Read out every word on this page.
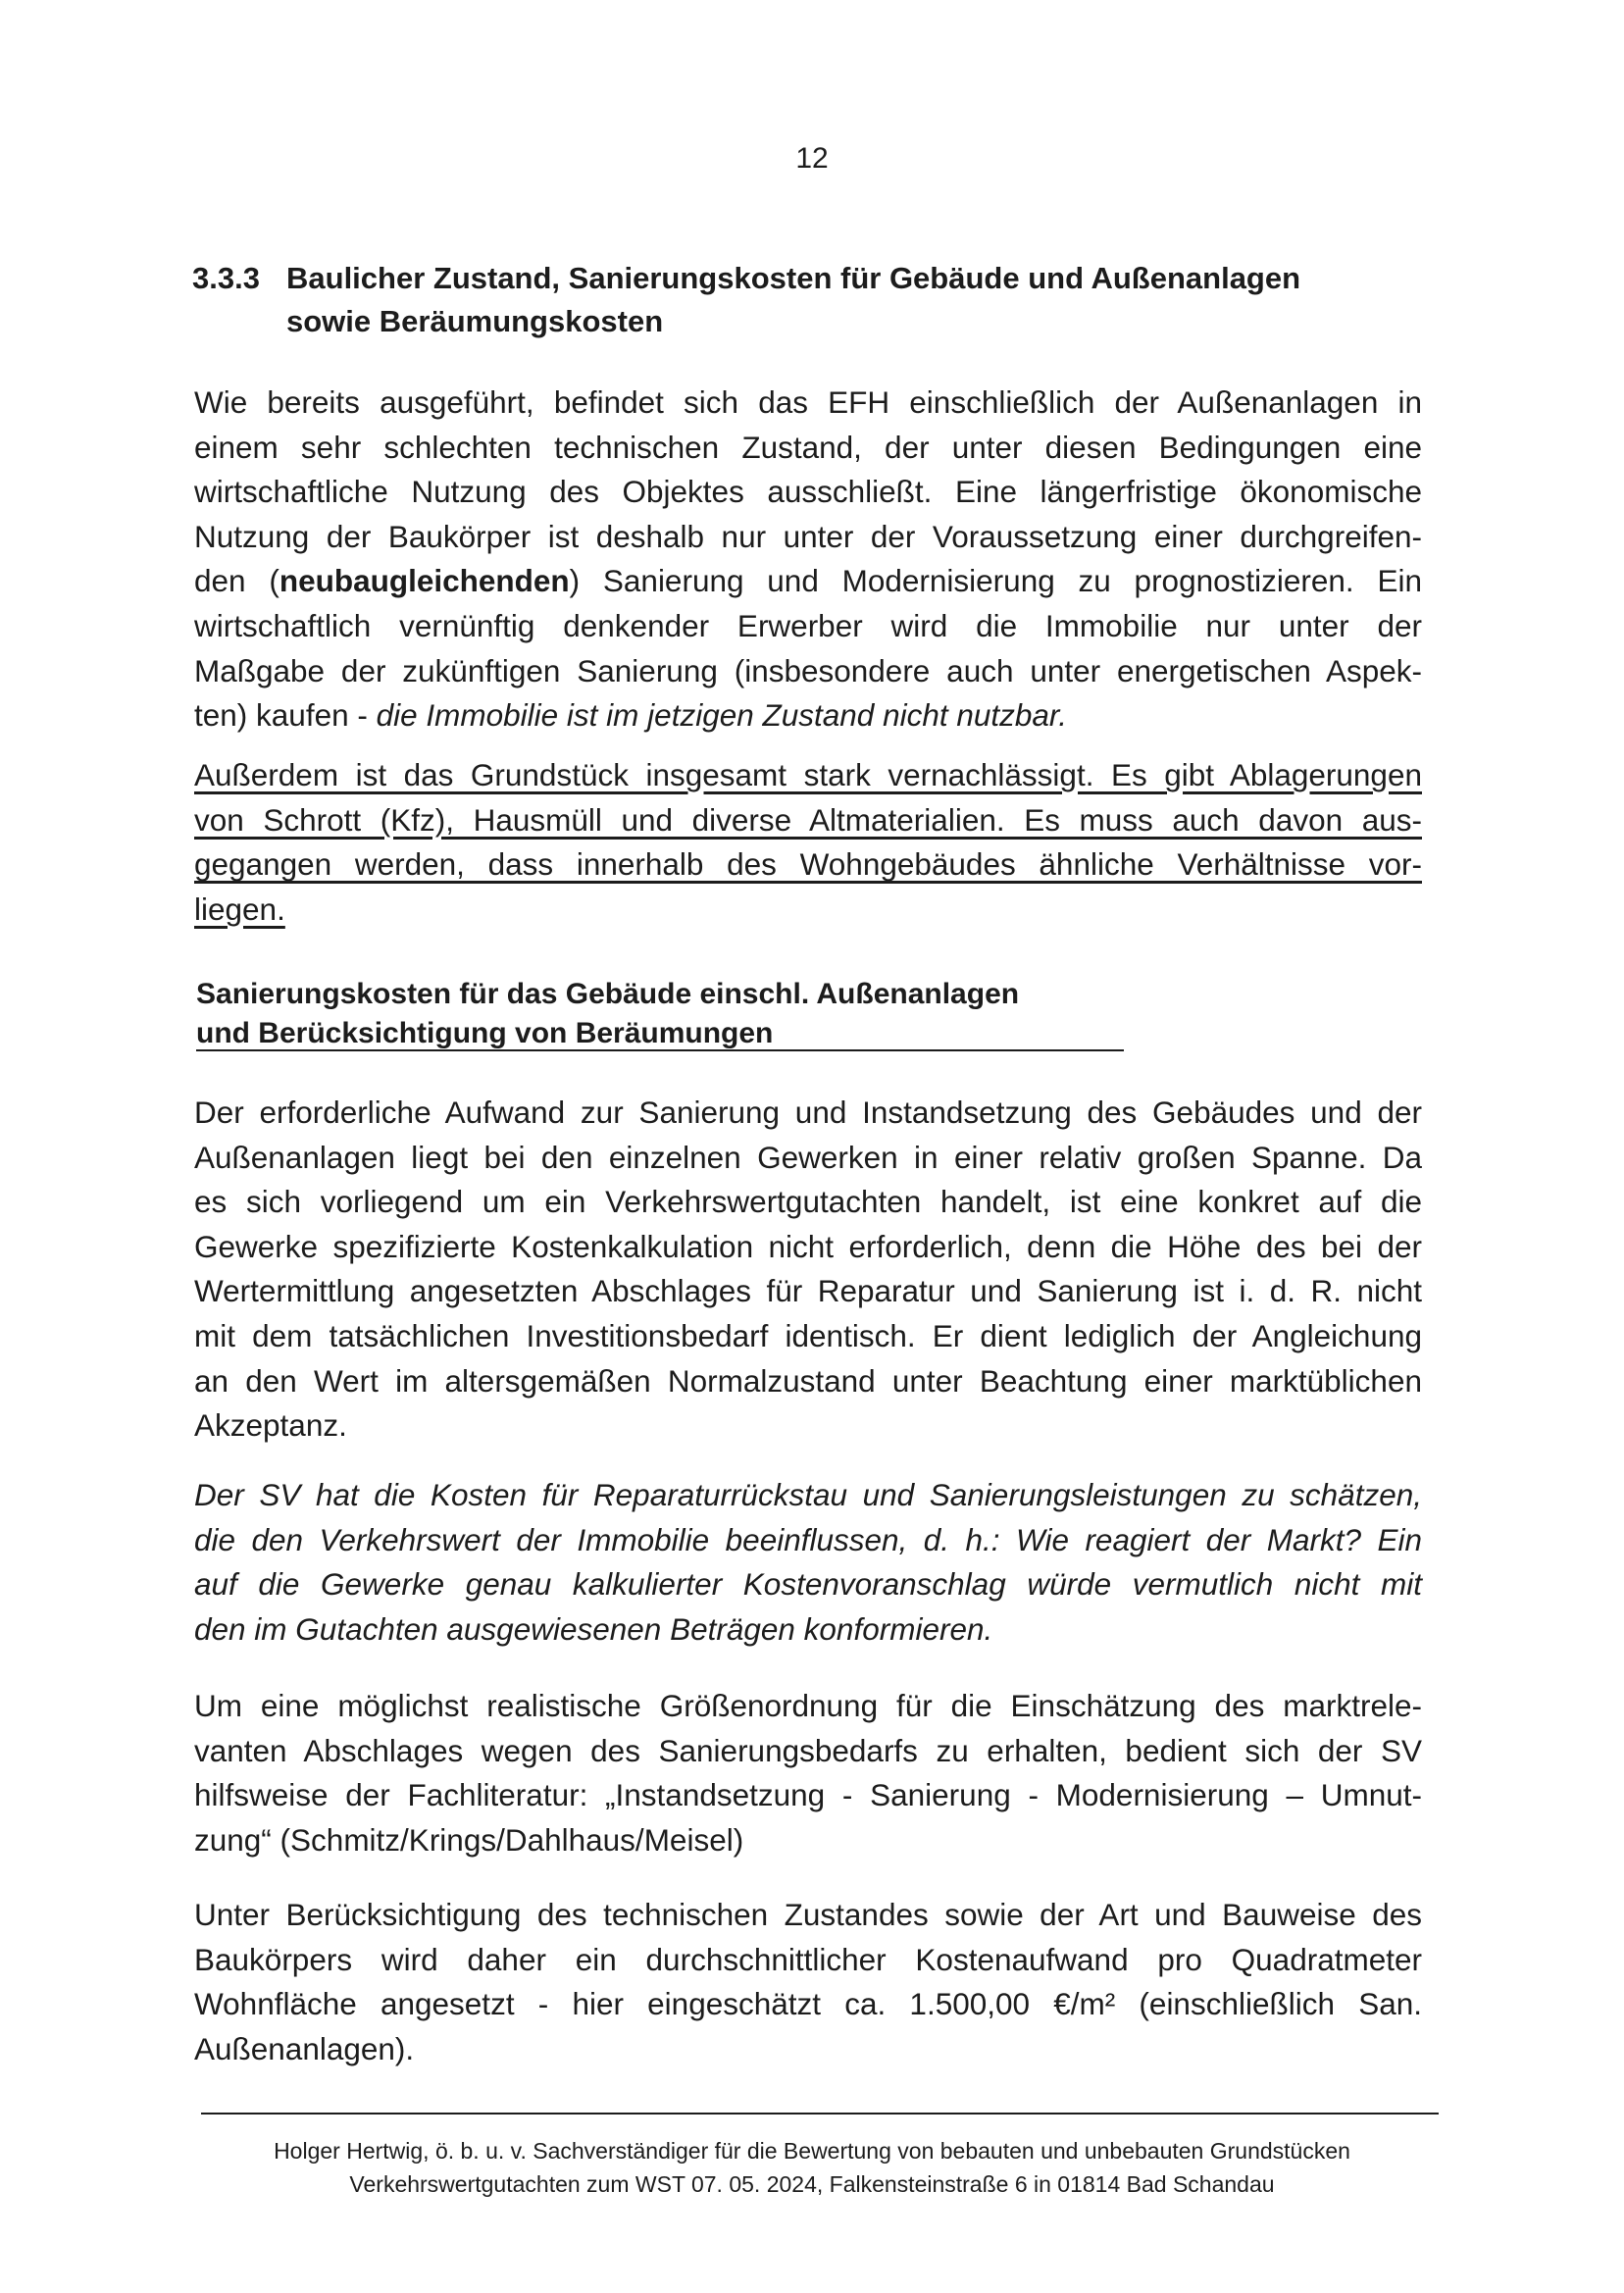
12
3.3.3 Baulicher Zustand, Sanierungskosten für Gebäude und Außenanlagen
sowie Beräumungskosten
Wie bereits ausgeführt, befindet sich das EFH einschließlich der Außenanlagen in
einem sehr schlechten technischen Zustand, der unter diesen Bedingungen eine
wirtschaftliche Nutzung des Objektes ausschließt. Eine längerfristige ökonomische
Nutzung der Baukörper ist deshalb nur unter der Voraussetzung einer durchgreifen-
den (neubaugleichenden) Sanierung und Modernisierung zu prognostizieren. Ein
wirtschaftlich vernünftig denkender Erwerber wird die Immobilie nur unter der
Maßgabe der zukünftigen Sanierung (insbesondere auch unter energetischen Aspek-
ten) kaufen - die Immobilie ist im jetzigen Zustand nicht nutzbar.
Außerdem ist das Grundstück insgesamt stark vernachlässigt. Es gibt Ablagerungen
von Schrott (Kfz), Hausmüll und diverse Altmaterialien. Es muss auch davon aus-
gegangen werden, dass innerhalb des Wohngebäudes ähnliche Verhältnisse vor-
liegen.
Sanierungskosten für das Gebäude einschl. Außenanlagen
und Berücksichtigung von Beräumungen
Der erforderliche Aufwand zur Sanierung und Instandsetzung des Gebäudes und der
Außenanlagen liegt bei den einzelnen Gewerken in einer relativ großen Spanne. Da
es sich vorliegend um ein Verkehrswertgutachten handelt, ist eine konkret auf die
Gewerke spezifizierte Kostenkalkulation nicht erforderlich, denn die Höhe des bei der
Wertermittlung angesetzten Abschlages für Reparatur und Sanierung ist i. d. R. nicht
mit dem tatsächlichen Investitionsbedarf identisch. Er dient lediglich der Angleichung
an den Wert im altersgemäßen Normalzustand unter Beachtung einer marktüblichen
Akzeptanz.
Der SV hat die Kosten für Reparaturrückstau und Sanierungsleistungen zu schätzen,
die den Verkehrswert der Immobilie beeinflussen, d. h.: Wie reagiert der Markt? Ein
auf die Gewerke genau kalkulierter Kostenvoranschlag würde vermutlich nicht mit
den im Gutachten ausgewiesenen Beträgen konformieren.
Um eine möglichst realistische Größenordnung für die Einschätzung des marktrele-
vanten Abschlages wegen des Sanierungsbedarfs zu erhalten, bedient sich der SV
hilfsweise der Fachliteratur: „Instandsetzung - Sanierung - Modernisierung – Umnut-
zung“ (Schmitz/Krings/Dahlhaus/Meisel)
Unter Berücksichtigung des technischen Zustandes sowie der Art und Bauweise des
Baukörpers wird daher ein durchschnittlicher Kostenaufwand pro Quadratmeter
Wohnfläche angesetzt - hier eingeschätzt ca. 1.500,00 €/m² (einschließlich San.
Außenanlagen).
Holger Hertwig, ö. b. u. v. Sachverständiger für die Bewertung von bebauten und unbebauten Grundstücken
Verkehrswertgutachten zum WST 07. 05. 2024, Falkensteinstraße 6 in 01814 Bad Schandau
